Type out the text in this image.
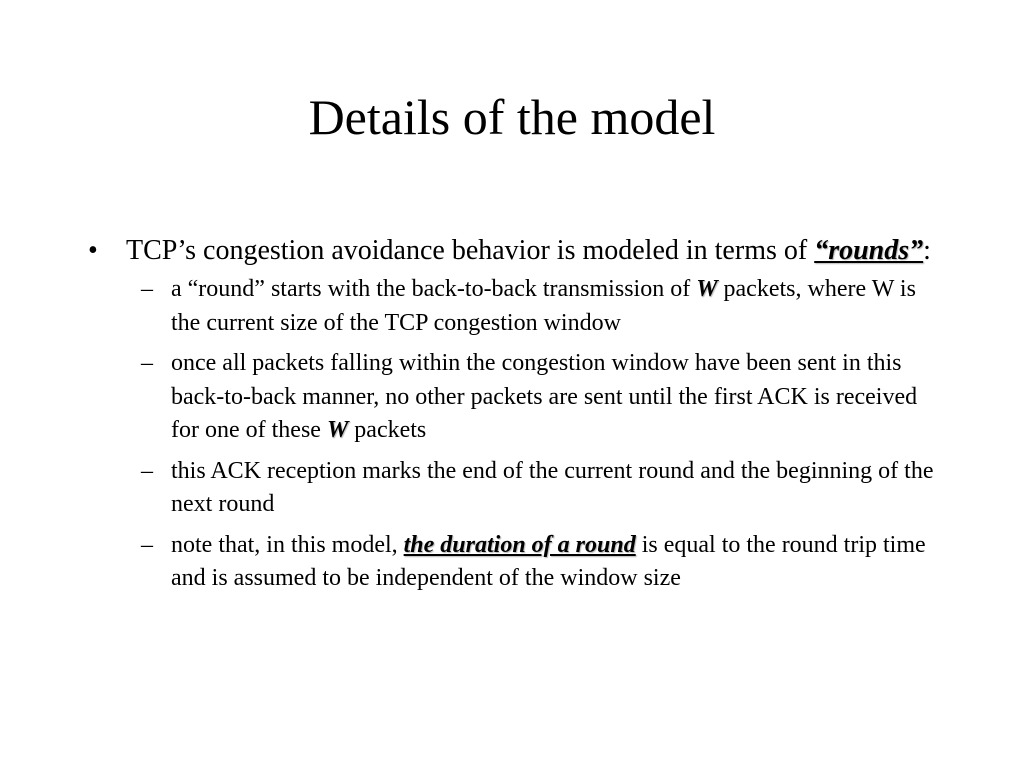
Details of the model
• TCP’s congestion avoidance behavior is modeled in terms of “rounds”:
– a “round” starts with the back-to-back transmission of W packets, where W is the current size of the TCP congestion window
– once all packets falling within the congestion window have been sent in this back-to-back manner, no other packets are sent until the first ACK is received for one of these W packets
– this ACK reception marks the end of the current round and the beginning of the next round
– note that, in this model, the duration of a round is equal to the round trip time and is assumed to be independent of the window size
